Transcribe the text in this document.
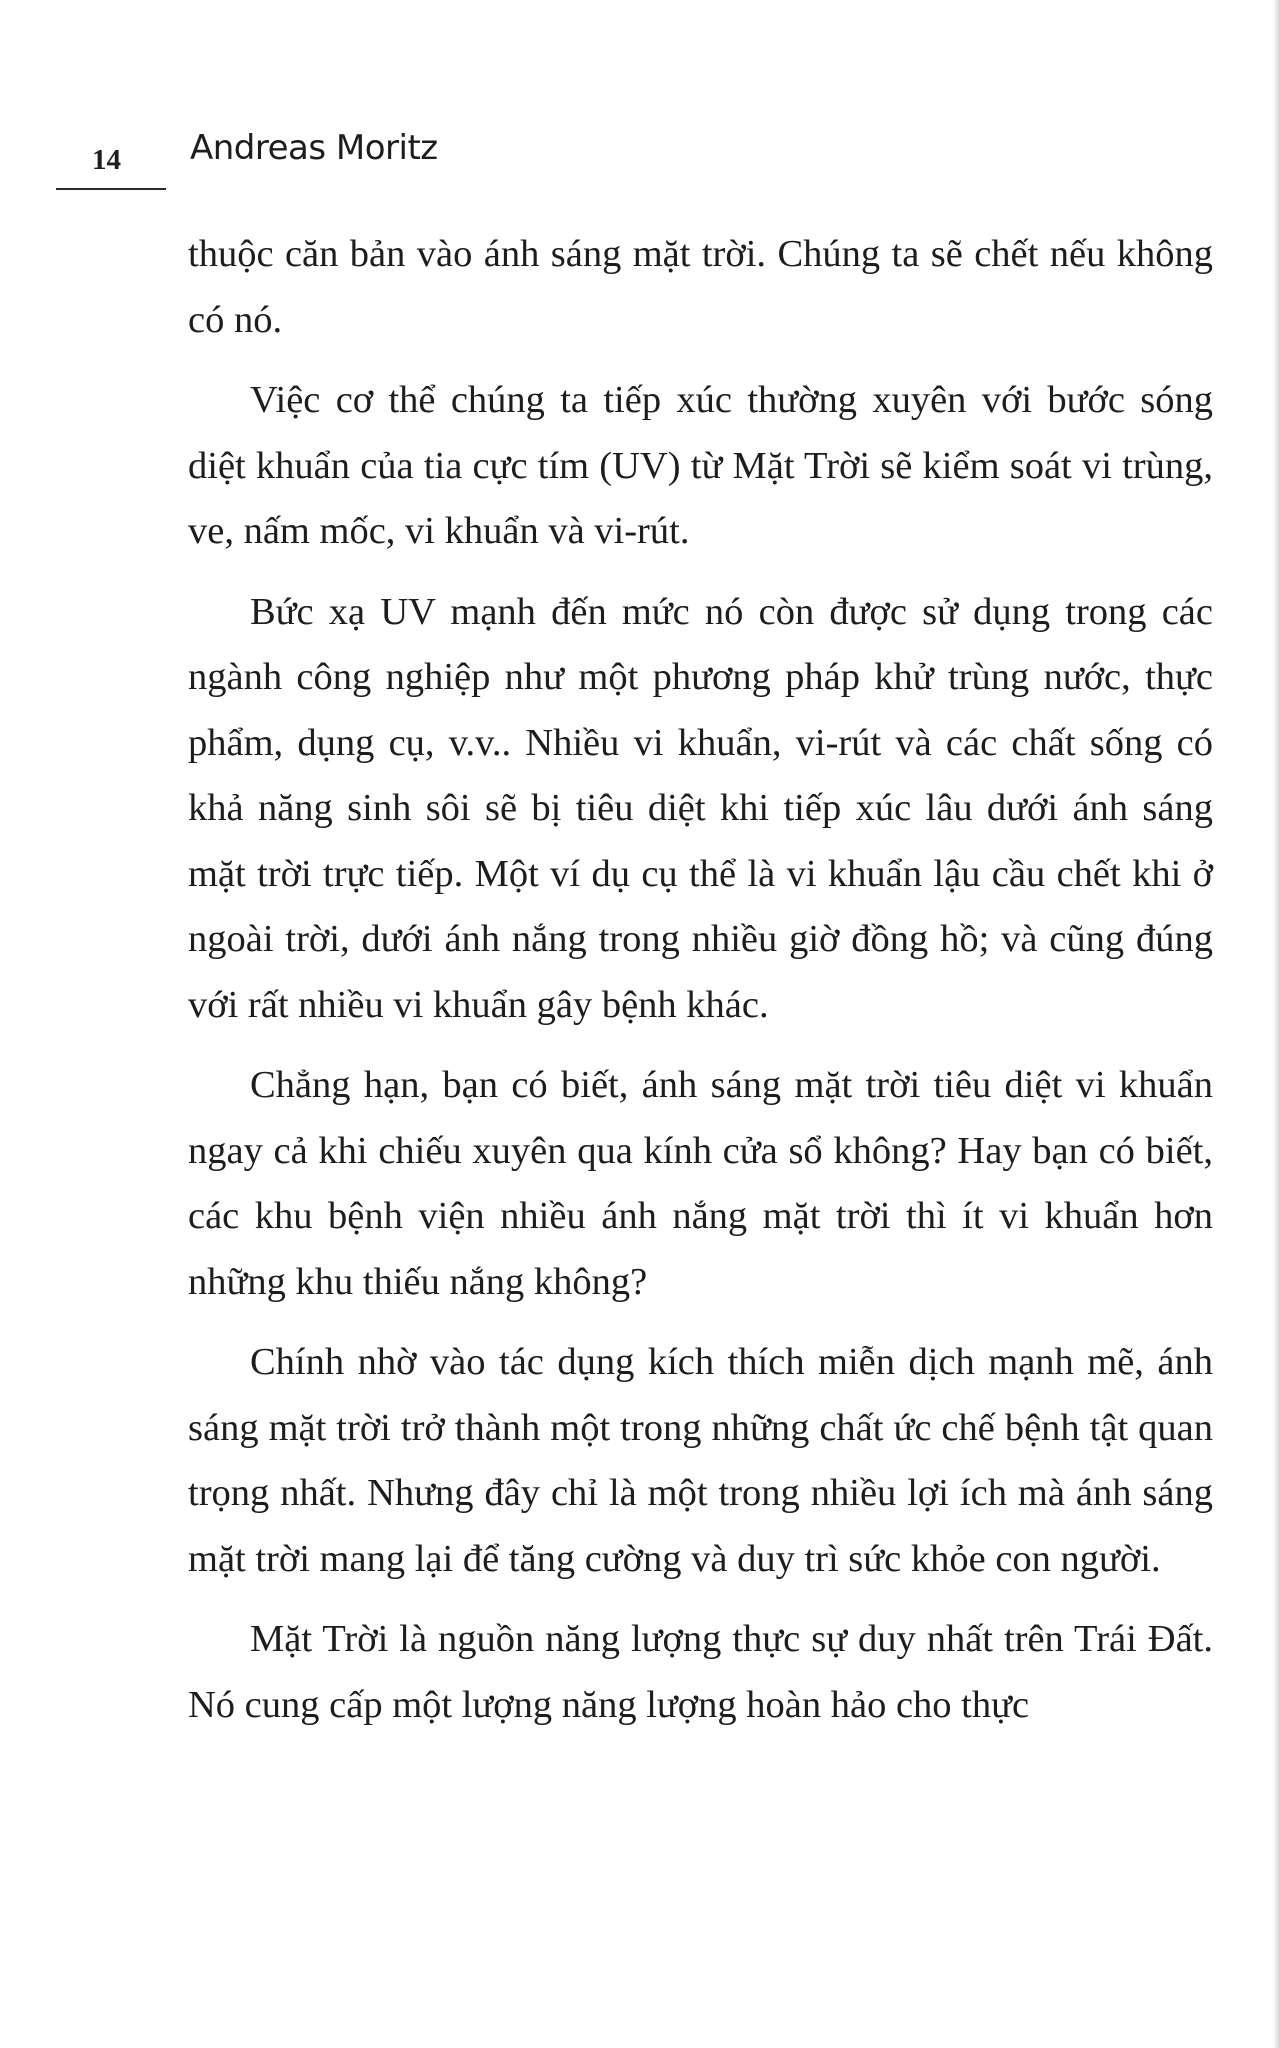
14 Andreas Moritz

thuộc căn bản vào ánh sáng mặt trời. Chúng ta sẽ chết nếu không có nó.

Việc cơ thể chúng ta tiếp xúc thường xuyên với bước sóng diệt khuẩn của tia cực tím (UV) từ Mặt Trời sẽ kiểm soát vi trùng, ve, nấm mốc, vi khuẩn và vi-rút.

Bức xạ UV mạnh đến mức nó còn được sử dụng trong các ngành công nghiệp như một phương pháp khử trùng nước, thực phẩm, dụng cụ, v.v.. Nhiều vi khuẩn, vi-rút và các chất sống có khả năng sinh sôi sẽ bị tiêu diệt khi tiếp xúc lâu dưới ánh sáng mặt trời trực tiếp. Một ví dụ cụ thể là vi khuẩn lậu cầu chết khi ở ngoài trời, dưới ánh nắng trong nhiều giờ đồng hồ; và cũng đúng với rất nhiều vi khuẩn gây bệnh khác.

Chẳng hạn, bạn có biết, ánh sáng mặt trời tiêu diệt vi khuẩn ngay cả khi chiếu xuyên qua kính cửa sổ không? Hay bạn có biết, các khu bệnh viện nhiều ánh nắng mặt trời thì ít vi khuẩn hơn những khu thiếu nắng không?

Chính nhờ vào tác dụng kích thích miễn dịch mạnh mẽ, ánh sáng mặt trời trở thành một trong những chất ức chế bệnh tật quan trọng nhất. Nhưng đây chỉ là một trong nhiều lợi ích mà ánh sáng mặt trời mang lại để tăng cường và duy trì sức khỏe con người.

Mặt Trời là nguồn năng lượng thực sự duy nhất trên Trái Đất. Nó cung cấp một lượng năng lượng hoàn hảo cho thực
